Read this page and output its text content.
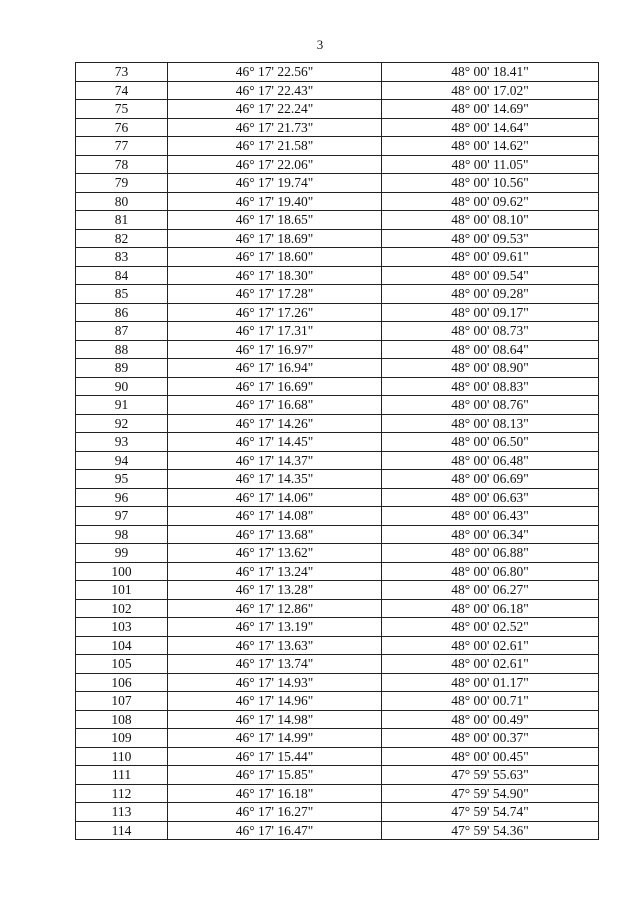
3
73	46° 17' 22.56"	48° 00' 18.41"
74	46° 17' 22.43"	48° 00' 17.02"
75	46° 17' 22.24"	48° 00' 14.69"
76	46° 17' 21.73"	48° 00' 14.64"
77	46° 17' 21.58"	48° 00' 14.62"
78	46° 17' 22.06"	48° 00' 11.05"
79	46° 17' 19.74"	48° 00' 10.56"
80	46° 17' 19.40"	48° 00' 09.62"
81	46° 17' 18.65"	48° 00' 08.10"
82	46° 17' 18.69"	48° 00' 09.53"
83	46° 17' 18.60"	48° 00' 09.61"
84	46° 17' 18.30"	48° 00' 09.54"
85	46° 17' 17.28"	48° 00' 09.28"
86	46° 17' 17.26"	48° 00' 09.17"
87	46° 17' 17.31"	48° 00' 08.73"
88	46° 17' 16.97"	48° 00' 08.64"
89	46° 17' 16.94"	48° 00' 08.90"
90	46° 17' 16.69"	48° 00' 08.83"
91	46° 17' 16.68"	48° 00' 08.76"
92	46° 17' 14.26"	48° 00' 08.13"
93	46° 17' 14.45"	48° 00' 06.50"
94	46° 17' 14.37"	48° 00' 06.48"
95	46° 17' 14.35"	48° 00' 06.69"
96	46° 17' 14.06"	48° 00' 06.63"
97	46° 17' 14.08"	48° 00' 06.43"
98	46° 17' 13.68"	48° 00' 06.34"
99	46° 17' 13.62"	48° 00' 06.88"
100	46° 17' 13.24"	48° 00' 06.80"
101	46° 17' 13.28"	48° 00' 06.27"
102	46° 17' 12.86"	48° 00' 06.18"
103	46° 17' 13.19"	48° 00' 02.52"
104	46° 17' 13.63"	48° 00' 02.61"
105	46° 17' 13.74"	48° 00' 02.61"
106	46° 17' 14.93"	48° 00' 01.17"
107	46° 17' 14.96"	48° 00' 00.71"
108	46° 17' 14.98"	48° 00' 00.49"
109	46° 17' 14.99"	48° 00' 00.37"
110	46° 17' 15.44"	48° 00' 00.45"
111	46° 17' 15.85"	47° 59' 55.63"
112	46° 17' 16.18"	47° 59' 54.90"
113	46° 17' 16.27"	47° 59' 54.74"
114	46° 17' 16.47"	47° 59' 54.36"
